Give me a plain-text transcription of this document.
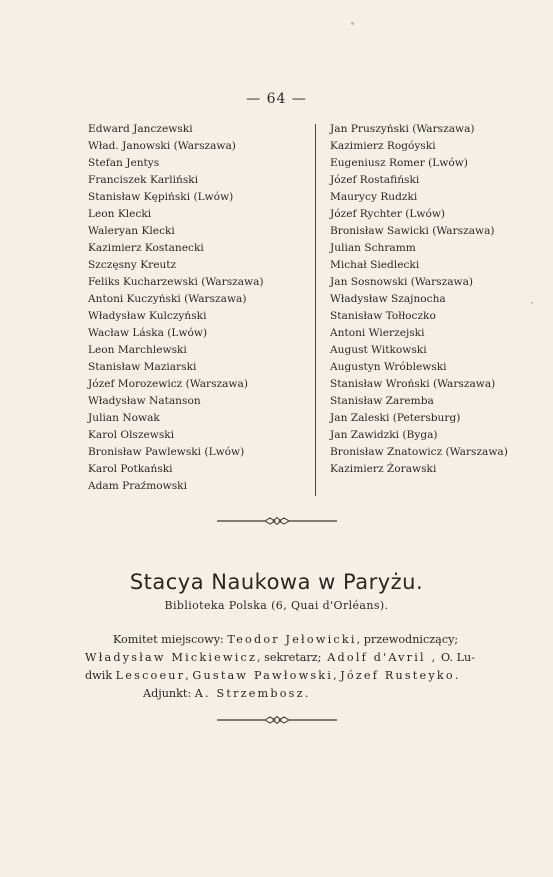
— 64 —
Edward Janczewski
Wład. Janowski (Warszawa)
Stefan Jentys
Franciszek Karliński
Stanisław Kępiński (Lwów)
Leon Klecki
Waleryan Klecki
Kazimierz Kostanecki
Szczęsny Kreutz
Feliks Kucharzewski (Warszawa)
Antoni Kuczyński (Warszawa)
Władysław Kulczyński
Wacław Láska (Lwów)
Leon Marchlewski
Stanisław Maziarski
Józef Morozewicz (Warszawa)
Władysław Natanson
Julian Nowak
Karol Olszewski
Bronisław Pawlewski (Lwów)
Karol Potkański
Adam Praźmowski
Jan Pruszyński (Warszawa)
Kazimierz Rogóyski
Eugeniusz Romer (Lwów)
Józef Rostafiński
Maurycy Rudzki
Józef Rychter (Lwów)
Bronisław Sawicki (Warszawa)
Julian Schramm
Michał Siedlecki
Jan Sosnowski (Warszawa)
Władysław Szajnocha
Stanisław Tołłoczko
Antoni Wierzejski
August Witkowski
Augustyn Wróblewski
Stanisław Wroński (Warszawa)
Stanisław Zaremba
Jan Zaleski (Petersburg)
Jan Zawidzki (Byga)
Bronisław Znatowicz (Warszawa)
Kazimierz Żorawski
Stacya Naukowa w Paryżu.
Biblioteka Polska (6, Quai d'Orléans).
Komitet miejscowy: Teodor Jełowicki, przewodniczący;
Władysław Mickiewicz, sekretarz; Adolf d'Avril , O. Lu-
dwik Lescoeur, Gustaw Pawłowski, Józef Rusteyko.
Adjunkt: A. Strzembosz.
